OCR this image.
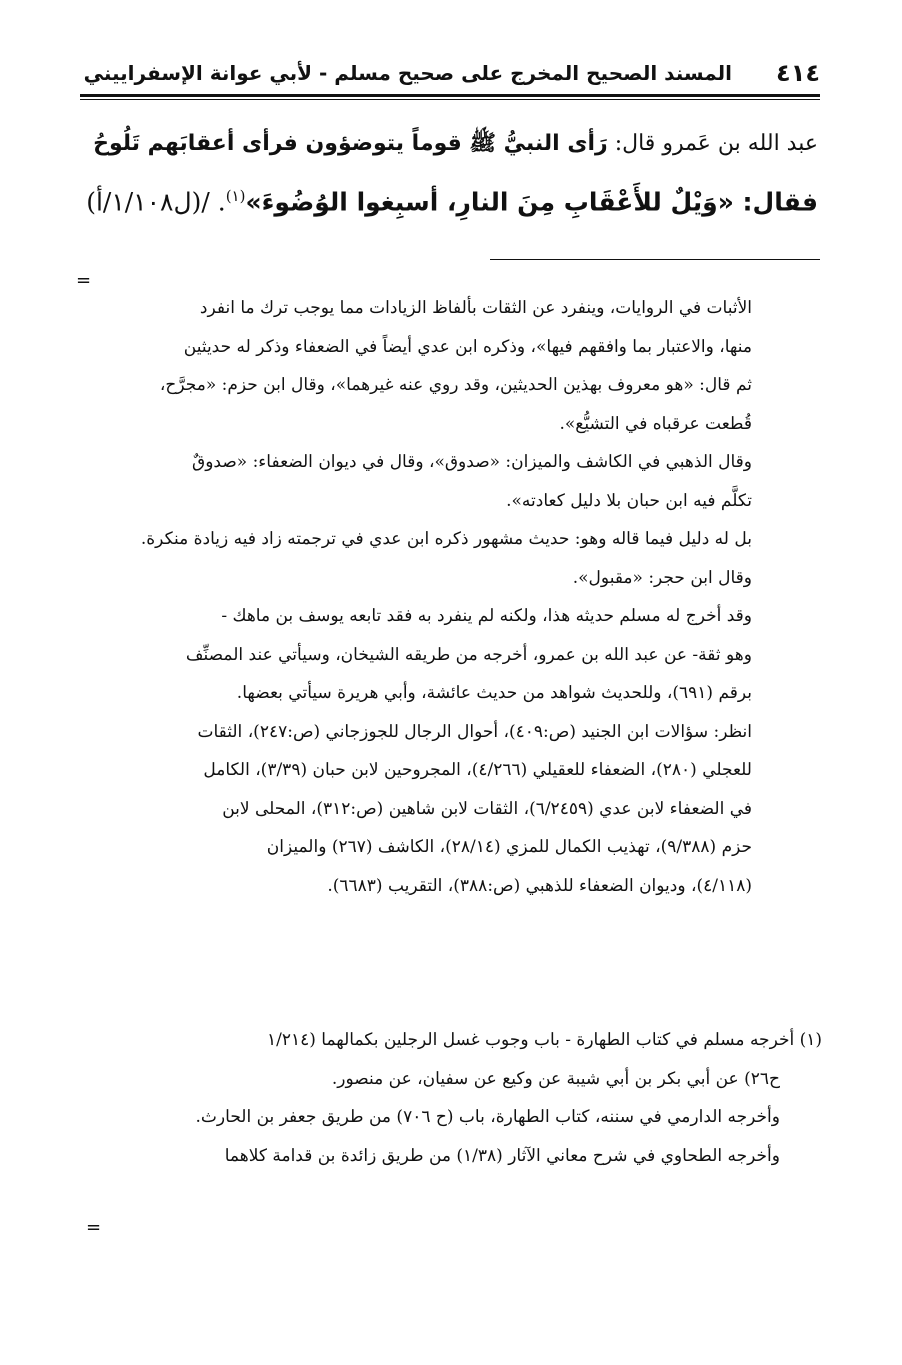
٤١٤
المسند الصحيح المخرج على صحيح مسلم - لأبي عوانة الإسفراييني
عبد الله بن عَمرو قال: رَأى النبيُّ ﷺ قوماً يتوضؤون فرأى أعقابَهم تَلُوحُ
فقال: «وَيْلٌ للأَعْقَابِ مِنَ النارِ، أسبِغوا الوُضُوءَ»$^{(١)}$. /(ل١/١٠٨/أ)
=
الأثبات في الروايات، وينفرد عن الثقات بألفاظ الزيادات مما يوجب ترك ما انفرد
منها، والاعتبار بما وافقهم فيها»، وذكره ابن عدي أيضاً في الضعفاء وذكر له حديثين
ثم قال: «هو معروف بهذين الحديثين، وقد روي عنه غيرهما»، وقال ابن حزم: «مجرَّح،
قُطعت عرقباه في التشيُّع».
وقال الذهبي في الكاشف والميزان: «صدوق»، وقال في ديوان الضعفاء: «صدوقٌ
تكلَّم فيه ابن حبان بلا دليل كعادته».
بل له دليل فيما قاله وهو: حديث مشهور ذكره ابن عدي في ترجمته زاد فيه زيادة منكرة.
وقال ابن حجر: «مقبول».
وقد أخرج له مسلم حديثه هذا، ولكنه لم ينفرد به فقد تابعه يوسف بن ماهك -
وهو ثقة- عن عبد الله بن عمرو، أخرجه من طريقه الشيخان، وسيأتي عند المصنِّف
برقم (٦٩١)، وللحديث شواهد من حديث عائشة، وأبي هريرة سيأتي بعضها.
انظر: سؤالات ابن الجنيد (ص:٤٠٩)، أحوال الرجال للجوزجاني (ص:٢٤٧)، الثقات
للعجلي (٢٨٠)، الضعفاء للعقيلي (٤/٢٦٦)، المجروحين لابن حبان (٣/٣٩)، الكامل
في الضعفاء لابن عدي (٦/٢٤٥٩)، الثقات لابن شاهين (ص:٣١٢)، المحلى لابن
حزم (٩/٣٨٨)، تهذيب الكمال للمزي (٢٨/١٤)، الكاشف (٢٦٧) والميزان
(٤/١١٨)، وديوان الضعفاء للذهبي (ص:٣٨٨)، التقريب (٦٦٨٣).
(١) أخرجه مسلم في كتاب الطهارة - باب وجوب غسل الرجلين بكمالهما (١/٢١٤
ح٢٦) عن أبي بكر بن أبي شيبة عن وكيع عن سفيان، عن منصور.
وأخرجه الدارمي في سننه، كتاب الطهارة، باب (ح ٧٠٦) من طريق جعفر بن الحارث.
وأخرجه الطحاوي في شرح معاني الآثار (١/٣٨) من طريق زائدة بن قدامة كلاهما
=
